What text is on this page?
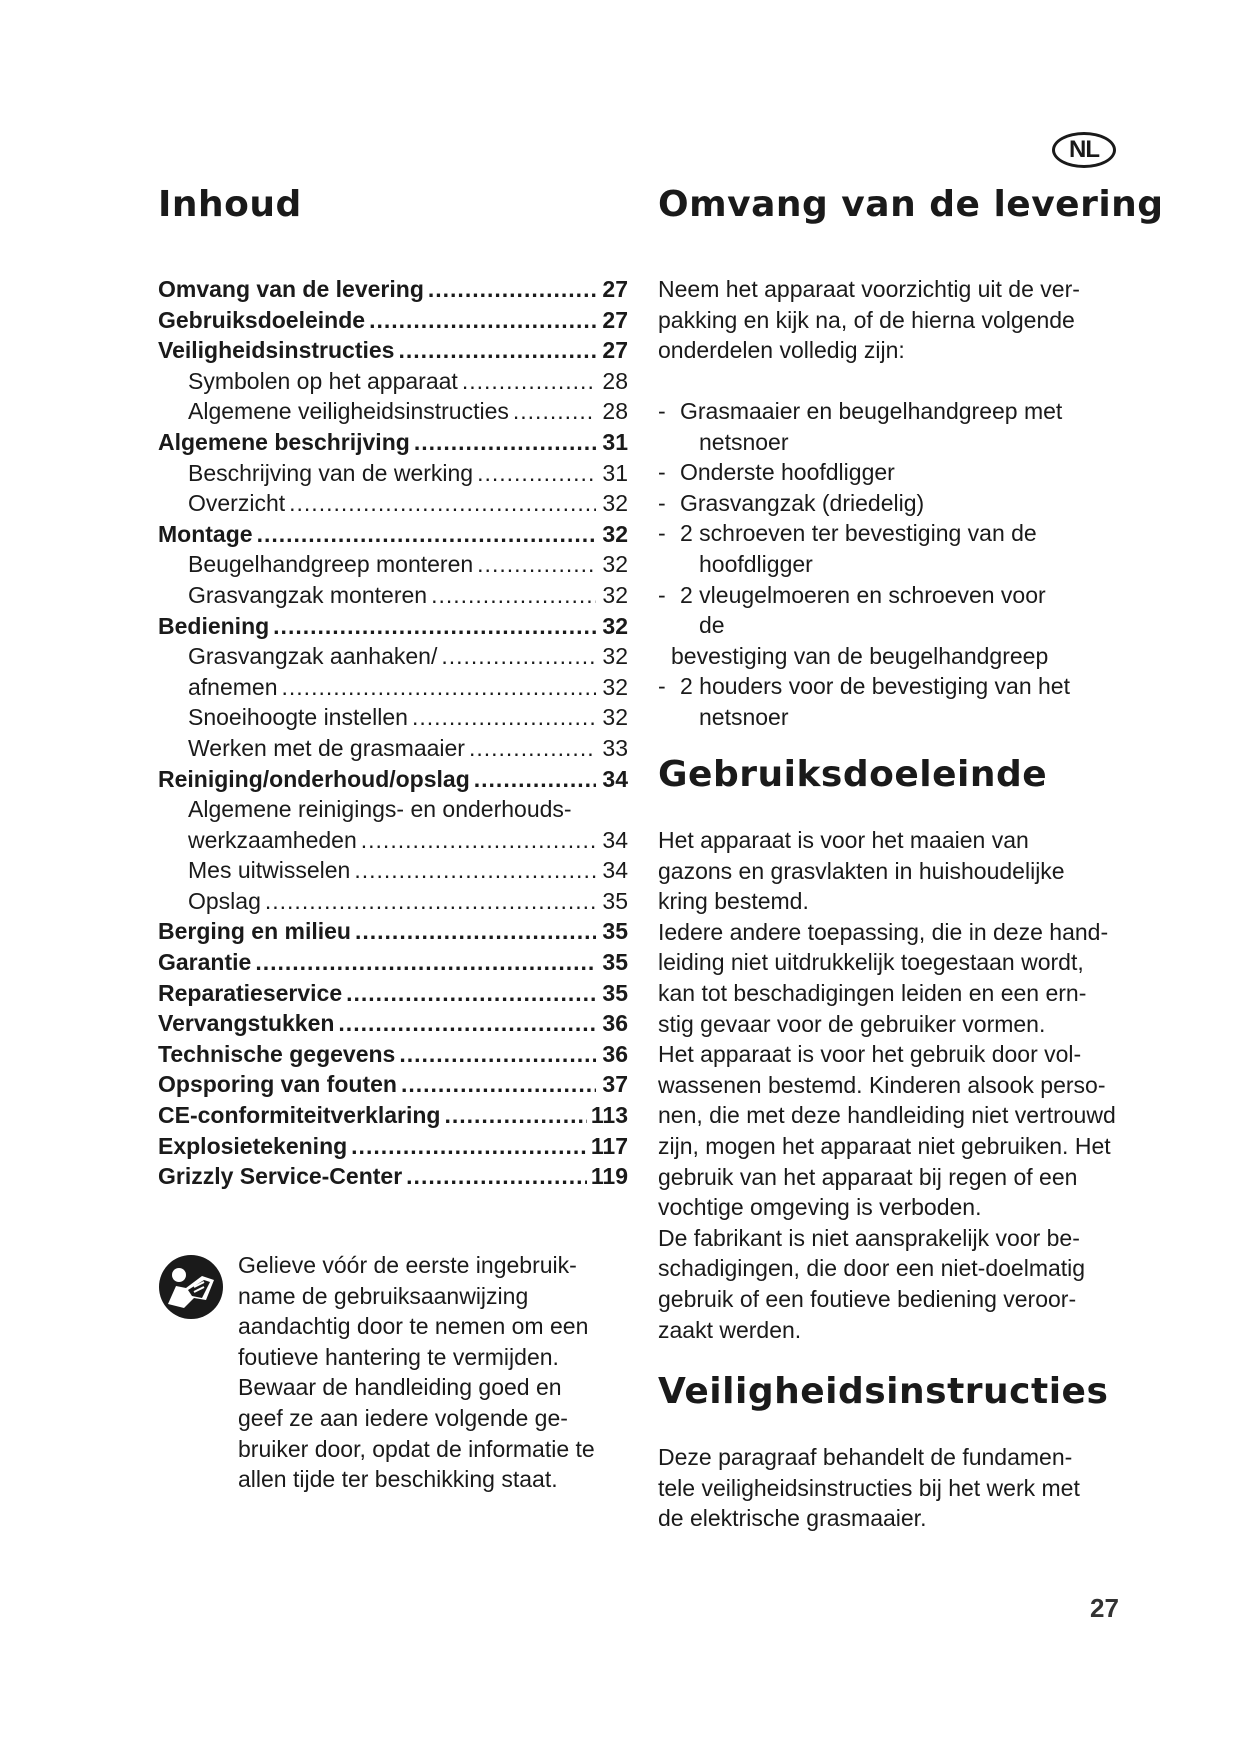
NL
Inhoud
Omvang van de levering .....	27
Gebruiksdoeleinde .....	27
Veiligheidsinstructies .....	27
Symbolen op het apparaat .....	28
Algemene veiligheidsinstructies .....	28
Algemene beschrijving .....	31
Beschrijving van de werking .....	31
Overzicht .....	32
Montage .....	32
Beugelhandgreep monteren .....	32
Grasvangzak monteren .....	32
Bediening .....	32
Grasvangzak aanhaken/ .....	32
afnemen .....	32
Snoeihoogte instellen .....	32
Werken met de grasmaaier .....	33
Reiniging/onderhoud/opslag .....	34
Algemene reinigings- en onderhouds-
werkzaamheden .....	34
Mes uitwisselen .....	34
Opslag .....	35
Berging en milieu .....	35
Garantie .....	35
Reparatieservice .....	35
Vervangstukken .....	36
Technische gegevens .....	36
Opsporing van fouten .....	37
CE-conformiteitverklaring .....	113
Explosietekening .....	117
Grizzly Service-Center .....	119
Gelieve vóór de eerste ingebruik-
name de gebruiksaanwijzing
aandachtig door te nemen om een
foutieve hantering te vermijden.
Bewaar de handleiding goed en
geef ze aan iedere volgende ge-
bruiker door, opdat de informatie te
allen tijde ter beschikking staat.
Omvang van de levering
Neem het apparaat voorzichtig uit de ver-
pakking en kijk na, of de hierna volgende
onderdelen volledig zijn:
- Grasmaaier en beugelhandgreep met
netsnoer
- Onderste hoofdligger
- Grasvangzak (driedelig)
- 2 schroeven ter bevestiging van de
hoofdligger
- 2 vleugelmoeren en schroeven voor
de
bevestiging van de beugelhandgreep
- 2 houders voor de bevestiging van het
netsnoer
Gebruiksdoeleinde
Het apparaat is voor het maaien van
gazons en grasvlakten in huishoudelijke
kring bestemd.
Iedere andere toepassing, die in deze hand-
leiding niet uitdrukkelijk toegestaan wordt,
kan tot beschadigingen leiden en een ern-
stig gevaar voor de gebruiker vormen.
Het apparaat is voor het gebruik door vol-
wassenen bestemd. Kinderen alsook perso-
nen, die met deze handleiding niet vertrouwd
zijn, mogen het apparaat niet gebruiken. Het
gebruik van het apparaat bij regen of een
vochtige omgeving is verboden.
De fabrikant is niet aansprakelijk voor be-
schadigingen, die door een niet-doelmatig
gebruik of een foutieve bediening veroor-
zaakt werden.
Veiligheidsinstructies
Deze paragraaf behandelt de fundamen-
tele veiligheidsinstructies bij het werk met
de elektrische grasmaaier.
27
